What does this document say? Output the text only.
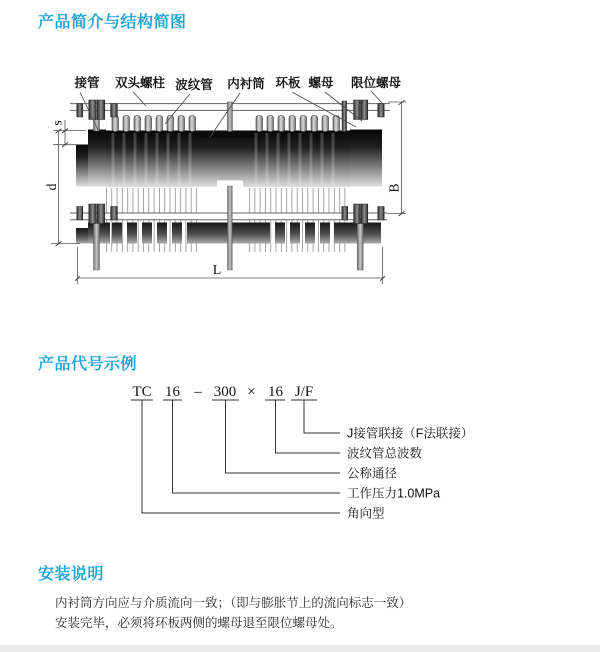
产品简介与结构简图
s
d	B
L
接管 双头螺柱 波纹管 内衬筒 环板 螺母 限位螺母
产品代号示例
TC 16 – 300 × 16 J/F
J接管联接（F法联接）
波纹管总波数
公称通径
工作压力1.0MPa
角向型
安装说明

内衬筒方向应与介质流向一致；（即与膨胀节上的流向标志一致）

安装完毕，必须将环板两侧的螺母退至限位螺母处。
